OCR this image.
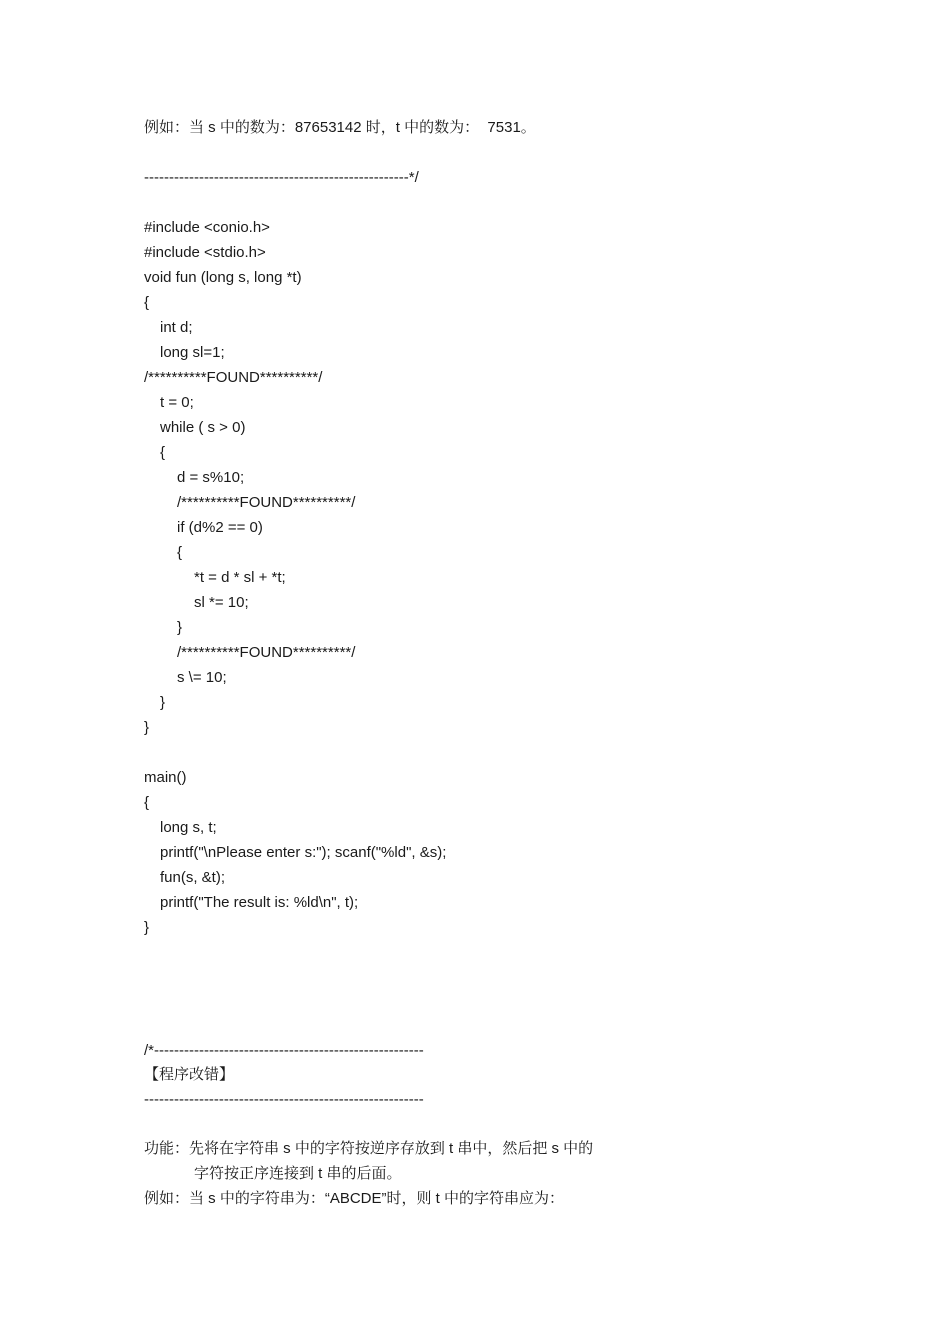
例如：当 s 中的数为：87653142 时，t 中的数为：  7531。
-----------------------------------------------------*/
#include <conio.h>
#include <stdio.h>
void fun (long s, long *t)
{
int d;
long sl=1;
/**********FOUND**********/
t = 0;
while ( s > 0)
{
d = s%10;
/**********FOUND**********/
if (d%2 == 0)
{
*t = d * sl + *t;
sl *= 10;
}
/**********FOUND**********/
s \= 10;
}
}
main()
{
long s, t;
printf("\nPlease enter s:"); scanf("%ld", &s);
fun(s, &t);
printf("The result is: %ld\n", t);
}
/*------------------------------------------------------
【程序改错】
--------------------------------------------------------
功能：先将在字符串 s 中的字符按逆序存放到 t 串中，然后把 s 中的
字符按正序连接到 t 串的后面。
例如：当 s 中的字符串为：“ABCDE”时，则 t 中的字符串应为：
